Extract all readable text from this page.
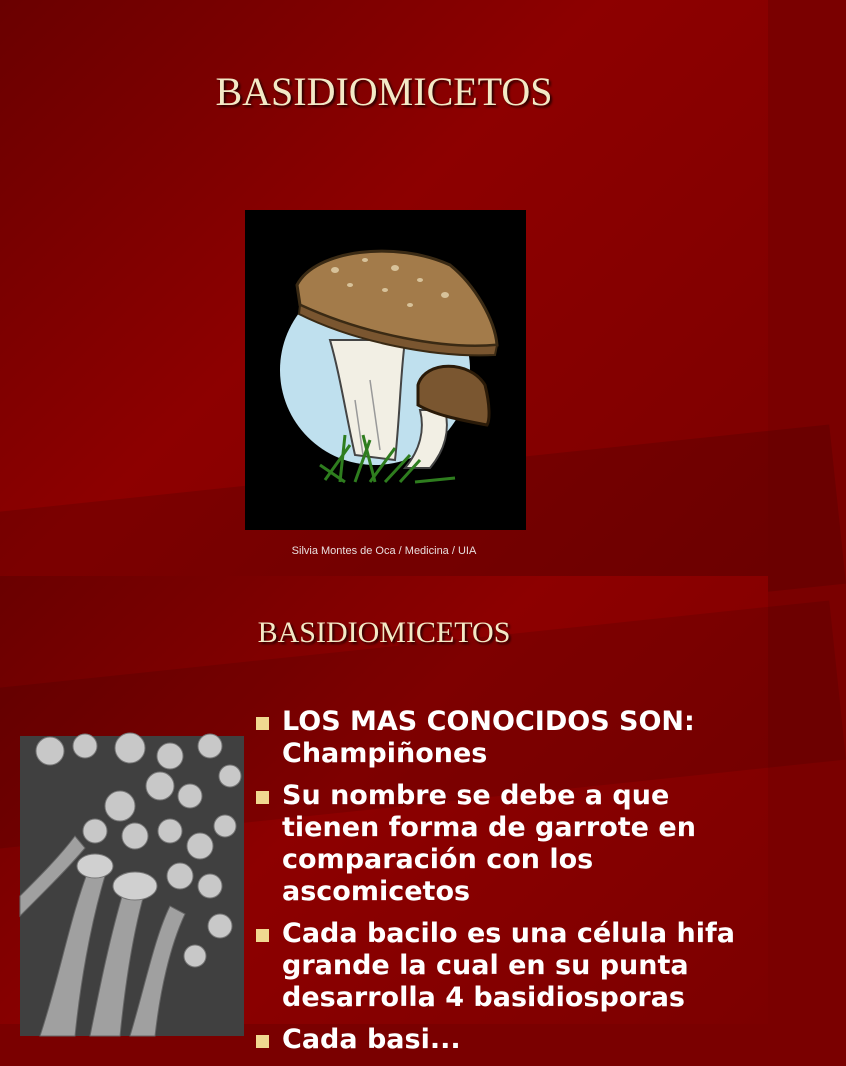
BASIDIOMICETOS
Silvia Montes de Oca / Medicina / UIA
BASIDIOMICETOS
LOS MAS CONOCIDOS SON: Champiñones
Su nombre se debe a que tienen forma de garrote en comparación con los ascomicetos
Cada bacilo es una célula hifa grande la cual en su punta desarrolla 4 basidiosporas
Cada basi...
